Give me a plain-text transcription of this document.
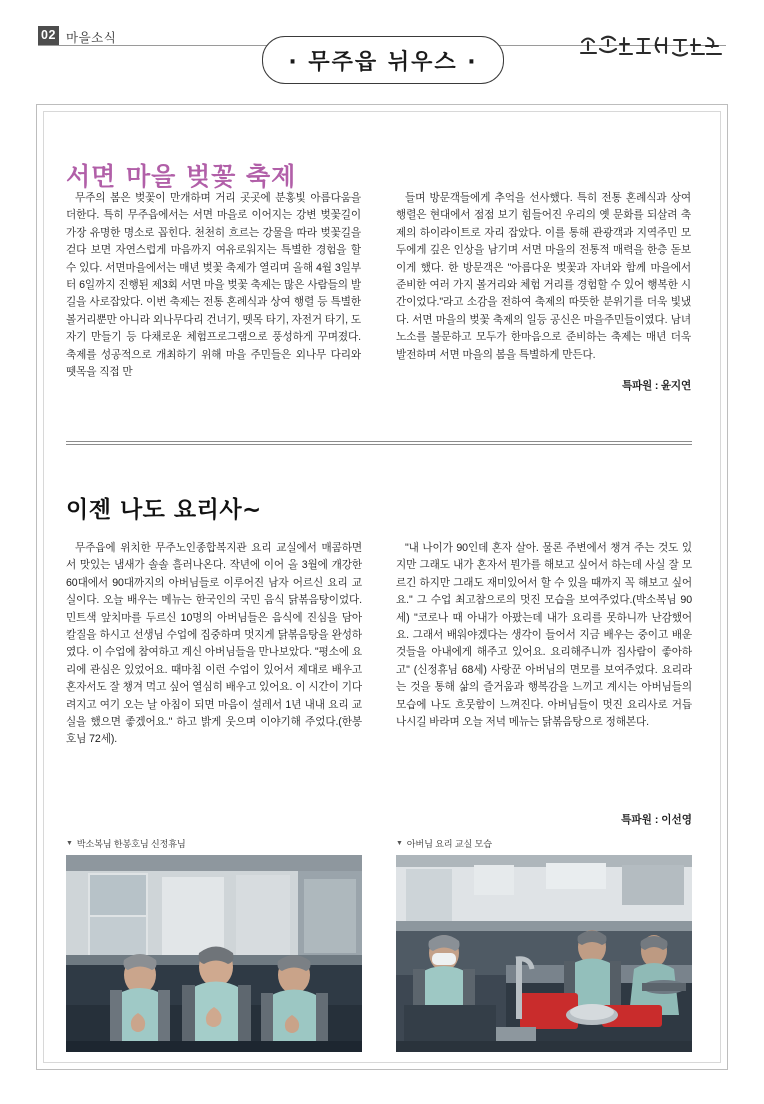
02 마을소식
· 무주읍 뉘우스 ·
서면 마을 벚꽃 축제

무주의 봄은 벚꽃이 만개하며 거리 곳곳에 분홍빛 아름다움을 더한다. 특히 무주읍에서는 서면 마을로 이어지는 강변 벚꽃길이 가장 유명한 명소로 꼽힌다. 천천히 흐르는 강물을 따라 벚꽃길을 걷다 보면 자연스럽게 마음까지 여유로워지는 특별한 경험을 할 수 있다. 서면마을에서는 매년 벚꽃 축제가 열리며 올해 4월 3일부터 6일까지 진행된 제3회 서면 마을 벚꽃 축제는 많은 사람들의 발길을 사로잡았다. 이번 축제는 전통 혼례식과 상여 행렬 등 특별한 볼거리뿐만 아니라 외나무다리 건너기, 뗏목 타기, 자전거 타기, 도자기 만들기 등 다채로운 체험프로그램으로 풍성하게 꾸며졌다. 축제를 성공적으로 개최하기 위해 마을 주민들은 외나무 다리와 뗏목을 직접 만

들며 방문객들에게 추억을 선사했다. 특히 전통 혼례식과 상여 행렬은 현대에서 점점 보기 힘들어진 우리의 옛 문화를 되살려 축제의 하이라이트로 자리 잡았다. 이를 통해 관광객과 지역주민 모두에게 깊은 인상을 남기며 서면 마을의 전통적 매력을 한층 돋보이게 했다. 한 방문객은 "아름다운 벚꽃과 자녀와 함께 마을에서 준비한 여러 가지 볼거리와 체험 거리를 경험할 수 있어 행복한 시간이었다."라고 소감을 전하여 축제의 따뜻한 분위기를 더욱 빛냈다. 서면 마을의 벚꽃 축제의 일등 공신은 마을주민들이였다. 남녀노소를 불문하고 모두가 한마음으로 준비하는 축제는 매년 더욱 발전하며 서면 마을의 봄을 특별하게 만든다.

특파원 : 윤지연
이젠 나도 요리사~

무주읍에 위치한 무주노인종합복지관 요리 교실에서 매콤하면서 맛있는 냄새가 솔솔 흘러나온다. 작년에 이어 올 3월에 개강한 60대에서 90대까지의 아버님들로 이루어진 남자 어르신 요리 교실이다. 오늘 배우는 메뉴는 한국인의 국민 음식 닭볶음탕이었다. 민트색 앞치마를 두르신 10명의 아버님들은 음식에 진심을 담아 칼질을 하시고 선생님 수업에 집중하며 멋지게 닭볶음탕을 완성하였다. 이 수업에 참여하고 계신 아버님들을 만나보았다. "평소에 요리에 관심은 있었어요. 때마침 이런 수업이 있어서 제대로 배우고 혼자서도 잘 챙겨 먹고 싶어 열심히 배우고 있어요. 이 시간이 기다려지고 여기 오는 날 아침이 되면 마음이 설레서 1년 내내 요리 교실을 했으면 좋겠어요." 하고 밝게 웃으며 이야기해 주었다.(한봉호님 72세).

"내 나이가 90인데 혼자 살아. 물론 주변에서 챙겨 주는 것도 있지만 그래도 내가 혼자서 뭔가를 해보고 싶어서 하는데 사실 잘 모르긴 하지만 그래도 재미있어서 할 수 있을 때까지 꼭 해보고 싶어요." 그 수업 최고참으로의 멋진 모습을 보여주었다.(박소복님 90세) "코로나 때 아내가 아팠는데 내가 요리를 못하니까 난감했어요. 그래서 배워야겠다는 생각이 들어서 지금 배우는 중이고 배운 것들을 아내에게 해주고 있어요. 요리해주니까 집사람이 좋아하고" (신정휴님 68세) 사랑꾼 아버님의 면모를 보여주었다. 요리라는 것을 통해 삶의 즐거움과 행복감을 느끼고 계시는 아버님들의 모습에 나도 흐뭇함이 느껴진다. 아버님들이 멋진 요리사로 거듭나시길 바라며 오늘 저녁 메뉴는 닭볶음탕으로 정해본다.

특파원 : 이선영
▼ 박소복님 한봉호님 신정휴님	▼ 아버님 요리 교실 모습
